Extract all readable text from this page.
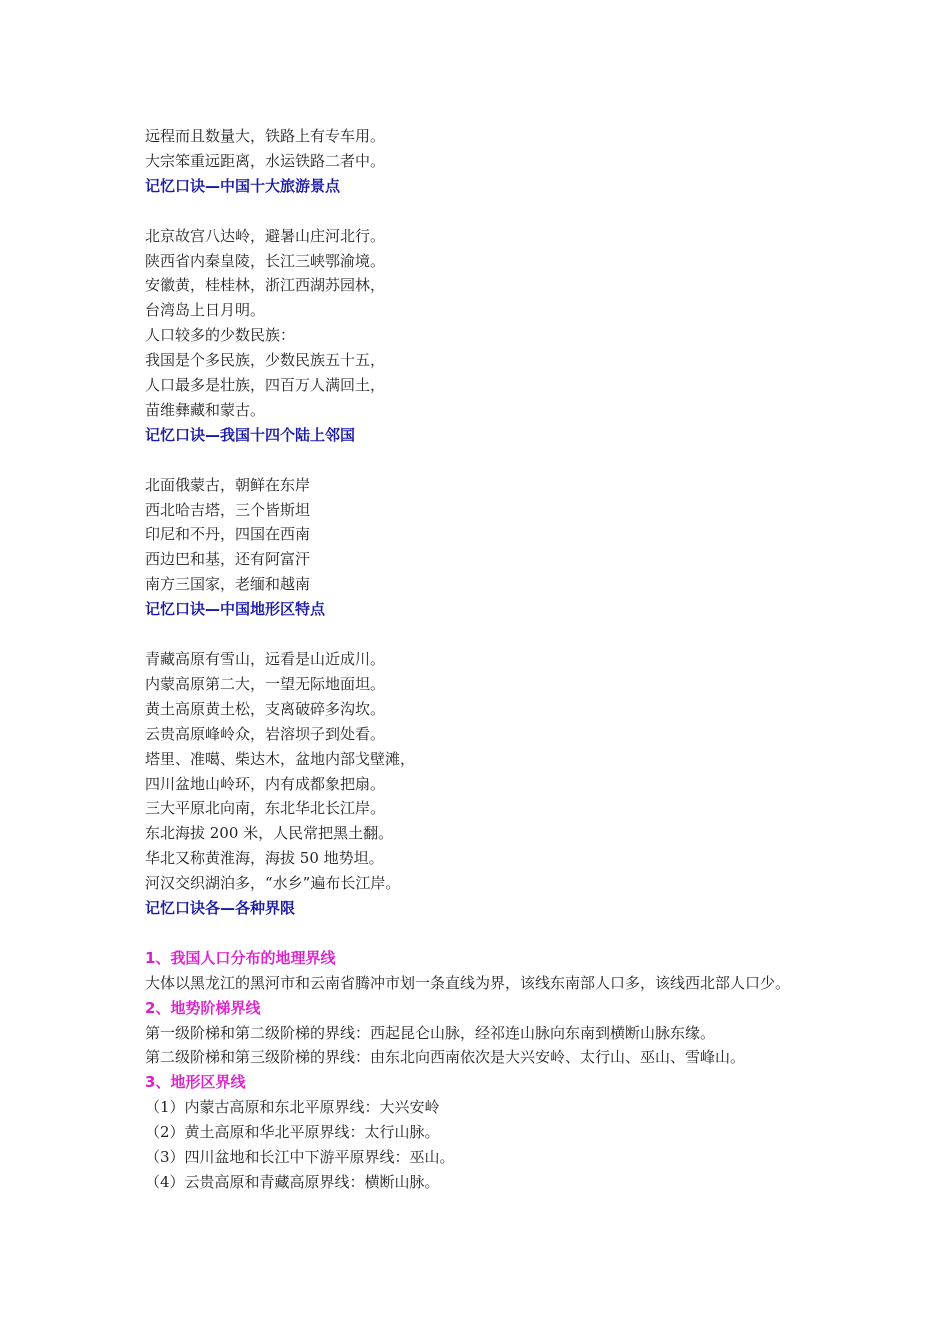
远程而且数量大，铁路上有专车用。
大宗笨重远距离，水运铁路二者中。
记忆口诀—中国十大旅游景点
北京故宫八达岭，避暑山庄河北行。
陕西省内秦皇陵，长江三峡鄂渝境。
安徽黄，桂桂林，浙江西湖苏园林，
台湾岛上日月明。
人口较多的少数民族：
我国是个多民族，少数民族五十五，
人口最多是壮族，四百万人满回土，
苗维彝藏和蒙古。
记忆口诀—我国十四个陆上邻国
北面俄蒙古，朝鲜在东岸
西北哈吉塔，三个皆斯坦
印尼和不丹，四国在西南
西边巴和基，还有阿富汗
南方三国家，老缅和越南
记忆口诀—中国地形区特点
青藏高原有雪山，远看是山近成川。
内蒙高原第二大，一望无际地面坦。
黄土高原黄土松，支离破碎多沟坎。
云贵高原峰岭众，岩溶坝子到处看。
塔里、准噶、柴达木，盆地内部戈壁滩，
四川盆地山岭环，内有成都象把扇。
三大平原北向南，东北华北长江岸。
东北海拔 200 米，人民常把黑土翻。
华北又称黄淮海，海拔 50 地势坦。
河汉交织湖泊多，“水乡”遍布长江岸。
记忆口诀各—各种界限
1、我国人口分布的地理界线
大体以黑龙江的黑河市和云南省腾冲市划一条直线为界，该线东南部人口多，该线西北部人口少。
2、地势阶梯界线
第一级阶梯和第二级阶梯的界线：西起昆仑山脉，经祁连山脉向东南到横断山脉东缘。
第二级阶梯和第三级阶梯的界线：由东北向西南依次是大兴安岭、太行山、巫山、雪峰山。
3、地形区界线
（1）内蒙古高原和东北平原界线：大兴安岭
（2）黄土高原和华北平原界线：太行山脉。
（3）四川盆地和长江中下游平原界线：巫山。
（4）云贵高原和青藏高原界线：横断山脉。
